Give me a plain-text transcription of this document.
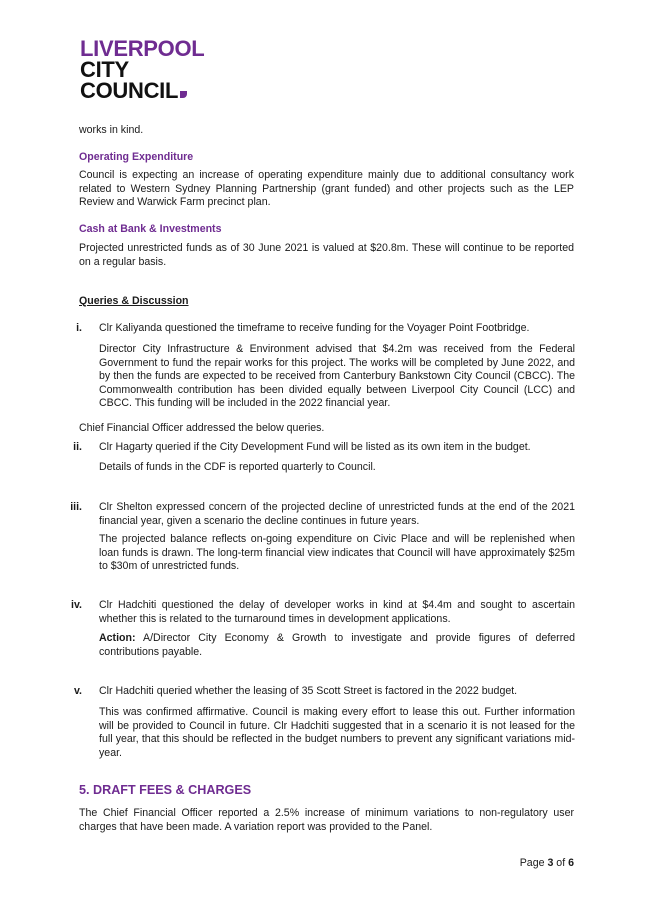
LIVERPOOL
CITY
COUNCIL
works in kind.
Operating Expenditure
Council is expecting an increase of operating expenditure mainly due to additional consultancy work related to Western Sydney Planning Partnership (grant funded) and other projects such as the LEP Review and Warwick Farm precinct plan.
Cash at Bank & Investments
Projected unrestricted funds as of 30 June 2021 is valued at $20.8m. These will continue to be reported on a regular basis.
Queries & Discussion
i. Clr Kaliyanda questioned the timeframe to receive funding for the Voyager Point Footbridge.
Director City Infrastructure & Environment advised that $4.2m was received from the Federal Government to fund the repair works for this project. The works will be completed by June 2022, and by then the funds are expected to be received from Canterbury Bankstown City Council (CBCC). The Commonwealth contribution has been divided equally between Liverpool City Council (LCC) and CBCC. This funding will be included in the 2022 financial year.
Chief Financial Officer addressed the below queries.
ii. Clr Hagarty queried if the City Development Fund will be listed as its own item in the budget.
Details of funds in the CDF is reported quarterly to Council.
iii. Clr Shelton expressed concern of the projected decline of unrestricted funds at the end of the 2021 financial year, given a scenario the decline continues in future years.
The projected balance reflects on-going expenditure on Civic Place and will be replenished when loan funds is drawn. The long-term financial view indicates that Council will have approximately $25m to $30m of unrestricted funds.
iv. Clr Hadchiti questioned the delay of developer works in kind at $4.4m and sought to ascertain whether this is related to the turnaround times in development applications.
Action: A/Director City Economy & Growth to investigate and provide figures of deferred contributions payable.
v. Clr Hadchiti queried whether the leasing of 35 Scott Street is factored in the 2022 budget.
This was confirmed affirmative. Council is making every effort to lease this out. Further information will be provided to Council in future. Clr Hadchiti suggested that in a scenario it is not leased for the full year, that this should be reflected in the budget numbers to prevent any significant variations mid-year.
5. DRAFT FEES & CHARGES
The Chief Financial Officer reported a 2.5% increase of minimum variations to non-regulatory user charges that have been made. A variation report was provided to the Panel.
Page 3 of 6
